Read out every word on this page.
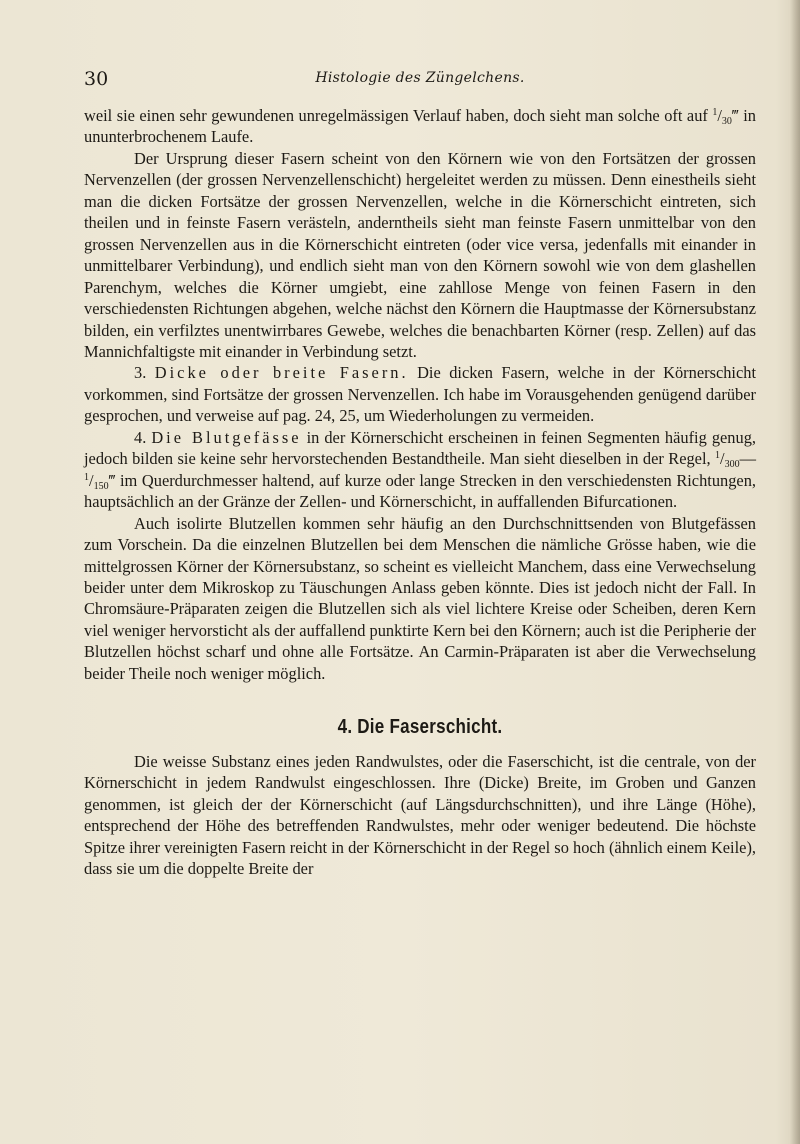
30	Histologie des Züngelchens.

weil sie einen sehr gewundenen unregelmässigen Verlauf haben, doch sieht man solche oft auf $^1/_{30}‴$ in ununterbrochenem Laufe.

Der Ursprung dieser Fasern scheint von den Körnern wie von den Fortsätzen der grossen Nervenzellen (der grossen Nervenzellenschicht) hergeleitet werden zu müssen. Denn einestheils sieht man die dicken Fortsätze der grossen Nervenzellen, welche in die Körnerschicht eintreten, sich theilen und in feinste Fasern verästeln, anderntheils sieht man feinste Fasern unmittelbar von den grossen Nervenzellen aus in die Körnerschicht eintreten (oder vice versa, jedenfalls mit einander in unmittelbarer Verbindung), und endlich sieht man von den Körnern sowohl wie von dem glashellen Parenchym, welches die Körner umgiebt, eine zahllose Menge von feinen Fasern in den verschiedensten Richtungen abgehen, welche nächst den Körnern die Hauptmasse der Körnersubstanz bilden, ein verfilztes unentwirrbares Gewebe, welches die benachbarten Körner (resp. Zellen) auf das Mannichfaltigste mit einander in Verbindung setzt.

3. Dicke oder breite Fasern. Die dicken Fasern, welche in der Körnerschicht vorkommen, sind Fortsätze der grossen Nervenzellen. Ich habe im Vorausgehenden genügend darüber gesprochen, und verweise auf pag. 24, 25, um Wiederholungen zu vermeiden.

4. Die Blutgefässe in der Körnerschicht erscheinen in feinen Segmenten häufig genug, jedoch bilden sie keine sehr hervorstechenden Bestandtheile. Man sieht dieselben in der Regel, $^1/_{300}—^1/_{150}‴$ im Querdurchmesser haltend, auf kurze oder lange Strecken in den verschiedensten Richtungen, hauptsächlich an der Gränze der Zellen- und Körnerschicht, in auffallenden Bifurcationen.

Auch isolirte Blutzellen kommen sehr häufig an den Durchschnittsenden von Blutgefässen zum Vorschein. Da die einzelnen Blutzellen bei dem Menschen die nämliche Grösse haben, wie die mittelgrossen Körner der Körnersubstanz, so scheint es vielleicht Manchem, dass eine Verwechselung beider unter dem Mikroskop zu Täuschungen Anlass geben könnte. Dies ist jedoch nicht der Fall. In Chromsäure-Präparaten zeigen die Blutzellen sich als viel lichtere Kreise oder Scheiben, deren Kern viel weniger hervorsticht als der auffallend punktirte Kern bei den Körnern; auch ist die Peripherie der Blutzellen höchst scharf und ohne alle Fortsätze. An Carmin-Präparaten ist aber die Verwechselung beider Theile noch weniger möglich.

4. Die Faserschicht.

Die weisse Substanz eines jeden Randwulstes, oder die Faserschicht, ist die centrale, von der Körnerschicht in jedem Randwulst eingeschlossen. Ihre (Dicke) Breite, im Groben und Ganzen genommen, ist gleich der der Körnerschicht (auf Längsdurchschnitten), und ihre Länge (Höhe), entsprechend der Höhe des betreffenden Randwulstes, mehr oder weniger bedeutend. Die höchste Spitze ihrer vereinigten Fasern reicht in der Körnerschicht in der Regel so hoch (ähnlich einem Keile), dass sie um die doppelte Breite der
